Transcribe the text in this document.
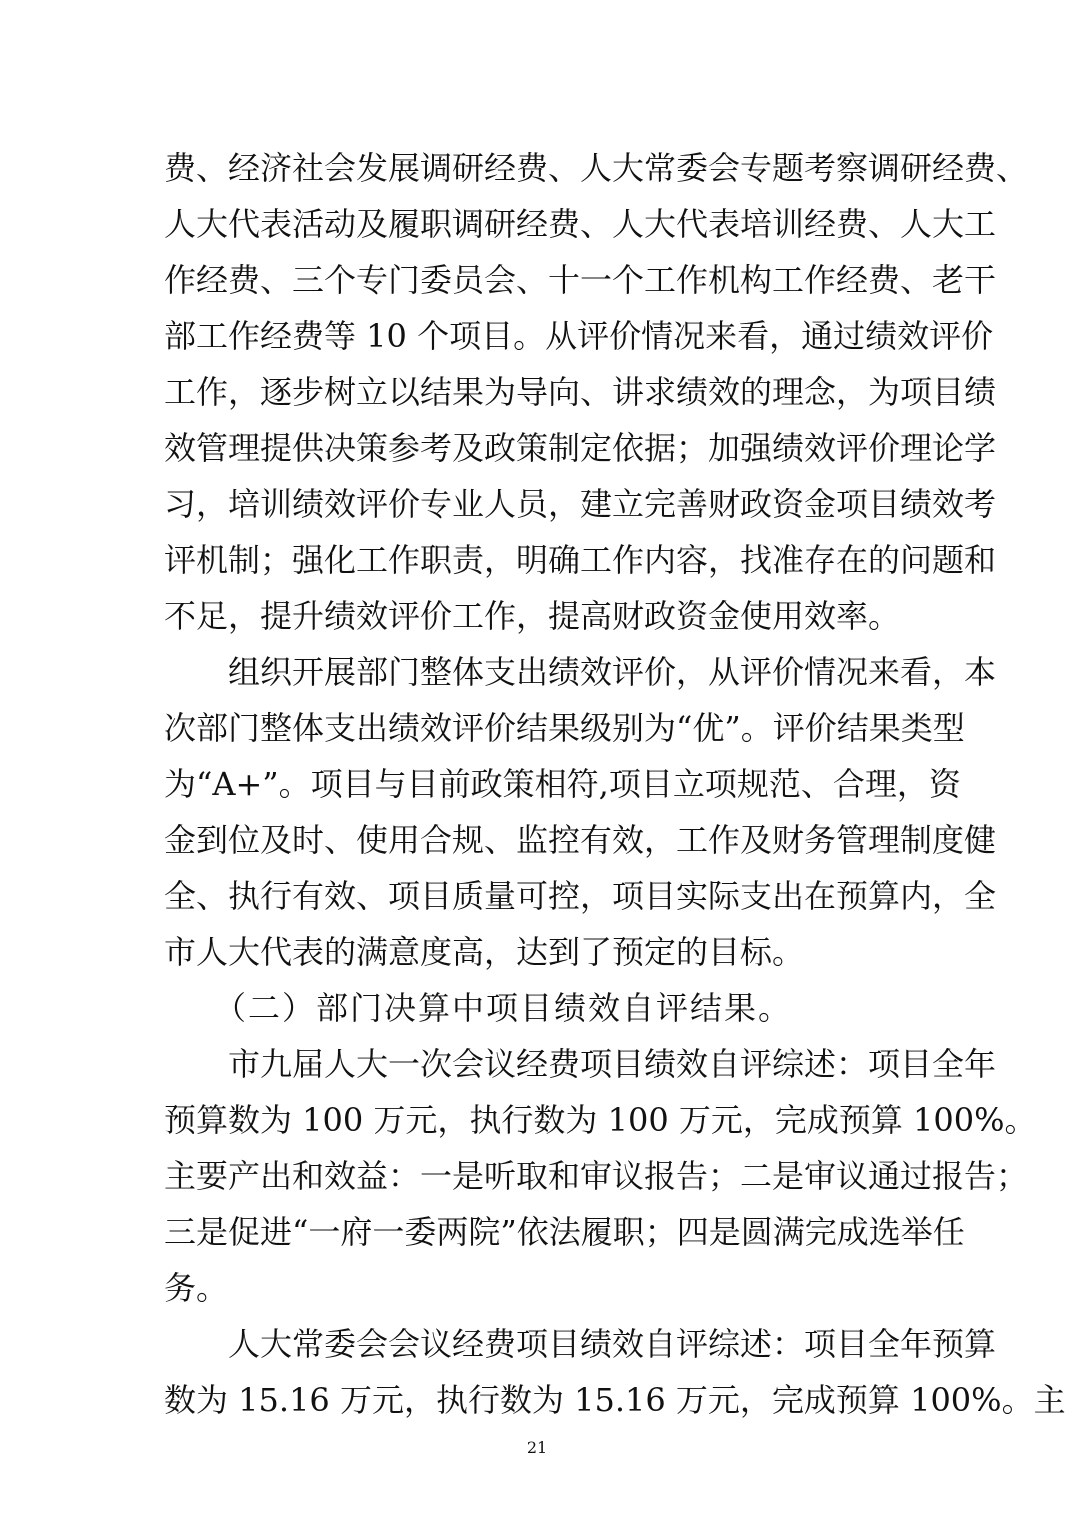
费、经济社会发展调研经费、人大常委会专题考察调研经费、
人大代表活动及履职调研经费、人大代表培训经费、人大工
作经费、三个专门委员会、十一个工作机构工作经费、老干
部工作经费等 10 个项目。从评价情况来看，通过绩效评价
工作，逐步树立以结果为导向、讲求绩效的理念，为项目绩
效管理提供决策参考及政策制定依据；加强绩效评价理论学
习，培训绩效评价专业人员，建立完善财政资金项目绩效考
评机制；强化工作职责，明确工作内容，找准存在的问题和
不足，提升绩效评价工作，提高财政资金使用效率。
组织开展部门整体支出绩效评价，从评价情况来看，本
次部门整体支出绩效评价结果级别为“优”。评价结果类型
为“A+”。项目与目前政策相符,项目立项规范、合理，资
金到位及时、使用合规、监控有效，工作及财务管理制度健
全、执行有效、项目质量可控，项目实际支出在预算内，全
市人大代表的满意度高，达到了预定的目标。
（二）部门决算中项目绩效自评结果。
市九届人大一次会议经费项目绩效自评综述：项目全年
预算数为 100 万元，执行数为 100 万元，完成预算 100%。
主要产出和效益：一是听取和审议报告；二是审议通过报告；
三是促进“一府一委两院”依法履职；四是圆满完成选举任
务。
人大常委会会议经费项目绩效自评综述：项目全年预算
数为 15.16 万元，执行数为 15.16 万元，完成预算 100%。主
21
